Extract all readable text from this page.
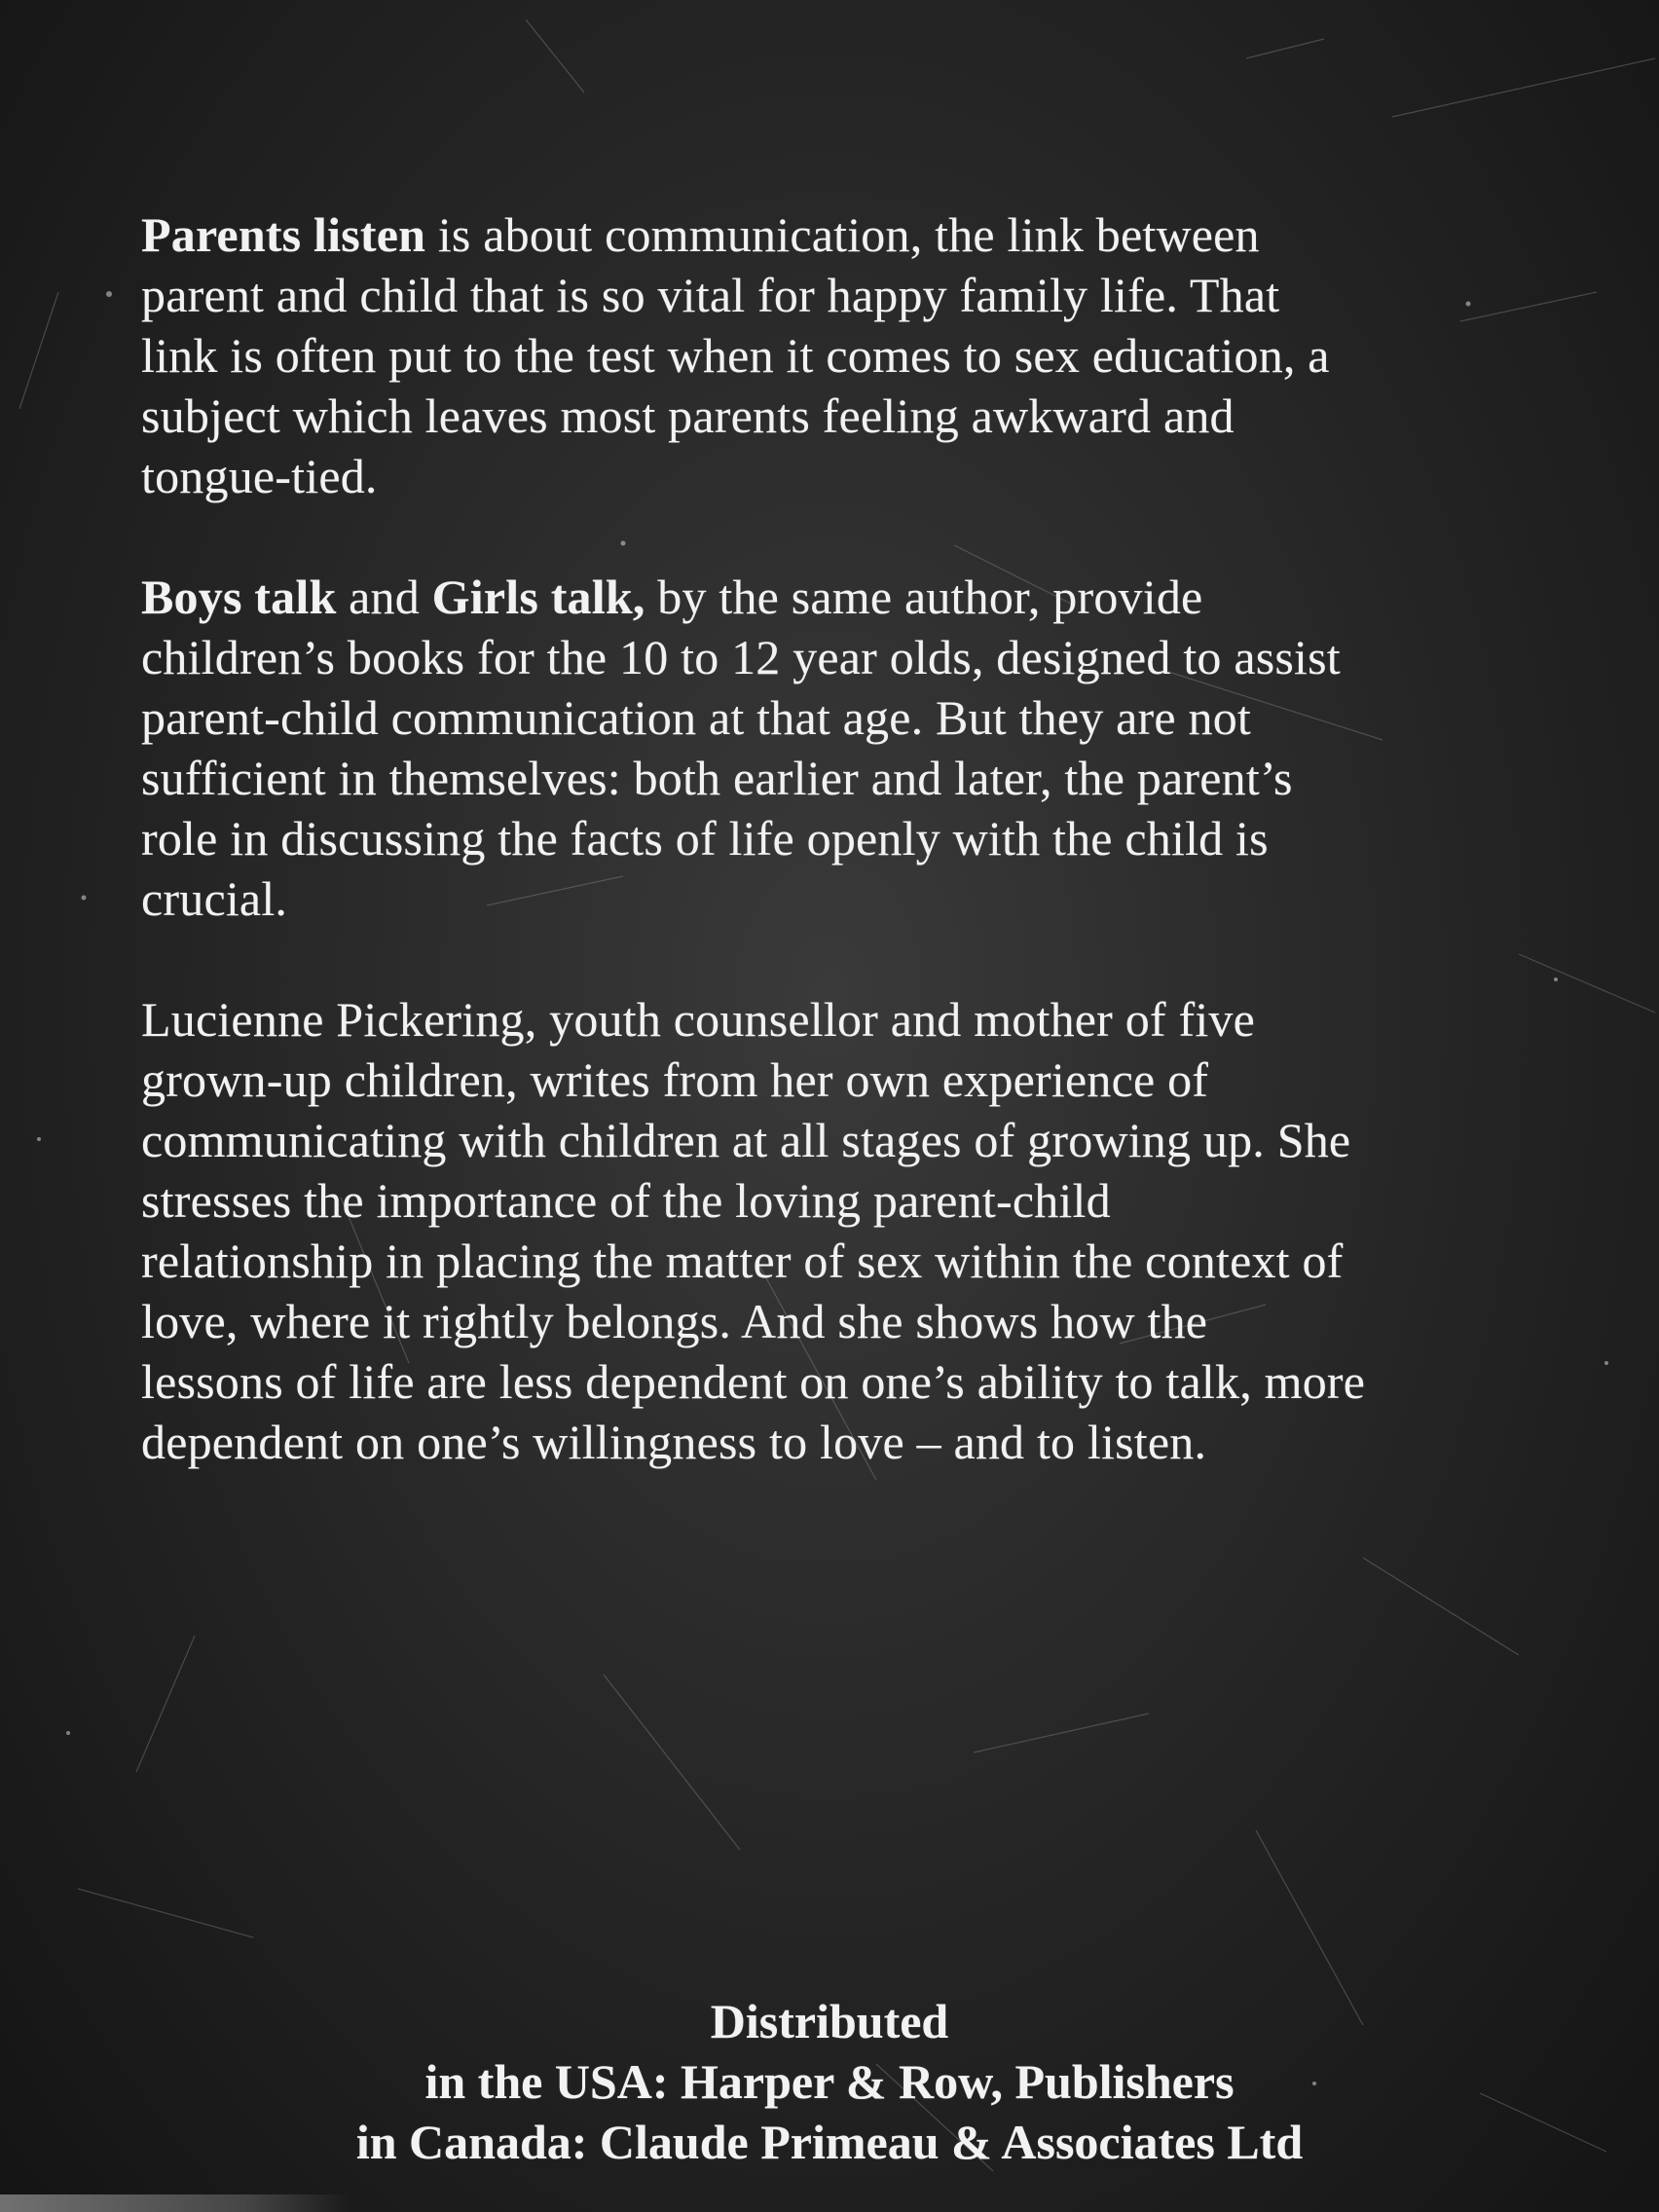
Parents listen is about communication, the link between
parent and child that is so vital for happy family life. That
link is often put to the test when it comes to sex education, a
subject which leaves most parents feeling awkward and
tongue-tied.

Boys talk and Girls talk, by the same author, provide
children’s books for the 10 to 12 year olds, designed to assist
parent-child communication at that age. But they are not
sufficient in themselves: both earlier and later, the parent’s
role in discussing the facts of life openly with the child is
crucial.

Lucienne Pickering, youth counsellor and mother of five
grown-up children, writes from her own experience of
communicating with children at all stages of growing up. She
stresses the importance of the loving parent-child
relationship in placing the matter of sex within the context of
love, where it rightly belongs. And she shows how the
lessons of life are less dependent on one’s ability to talk, more
dependent on one’s willingness to love – and to listen.

Distributed
in the USA: Harper & Row, Publishers
in Canada: Claude Primeau & Associates Ltd
